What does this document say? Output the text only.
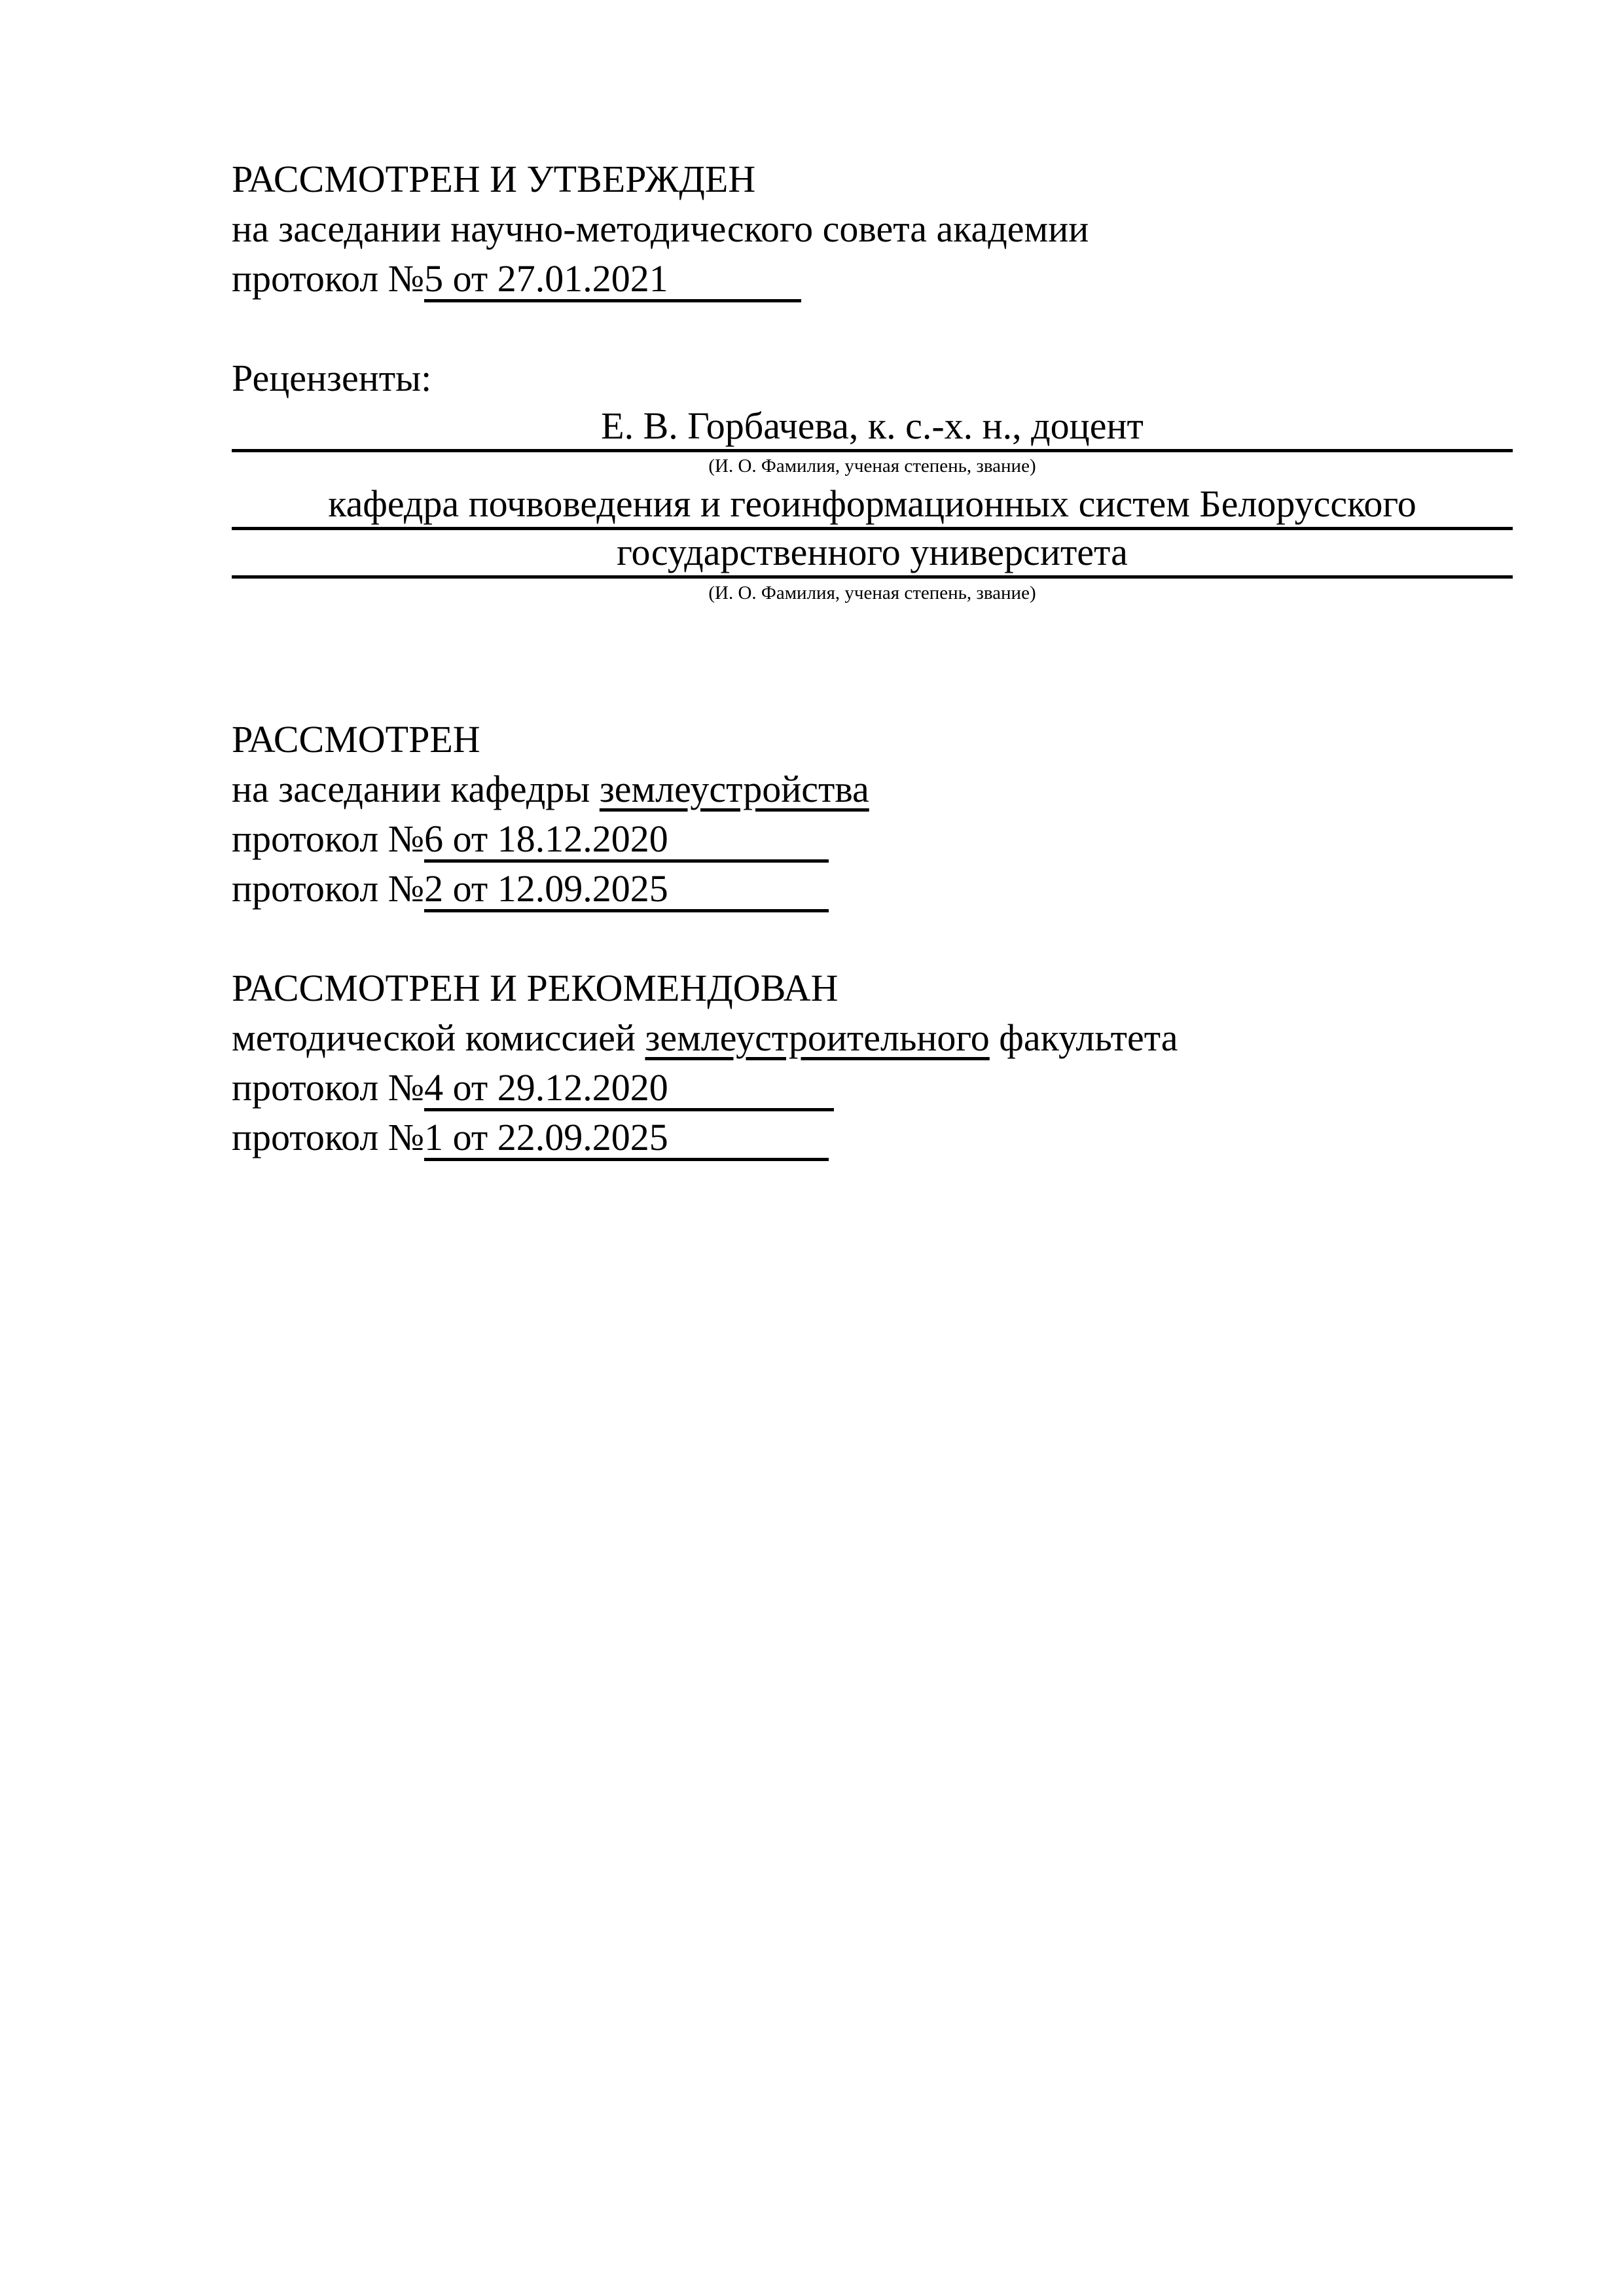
РАССМОТРЕН И УТВЕРЖДЕН
на заседании научно-методического совета академии
протокол №5 от 27.01.2021
Рецензенты:
Е. В. Горбачева, к. с.-х. н., доцент
(И. О. Фамилия, ученая степень, звание)
кафедра почвоведения и геоинформационных систем Белорусского
государственного университета
(И. О. Фамилия, ученая степень, звание)
РАССМОТРЕН
на заседании кафедры землеустройства
протокол №6 от 18.12.2020
протокол №2 от 12.09.2025
РАССМОТРЕН И РЕКОМЕНДОВАН
методической комиссией землеустроительного факультета
протокол №4 от 29.12.2020
протокол №1 от 22.09.2025
